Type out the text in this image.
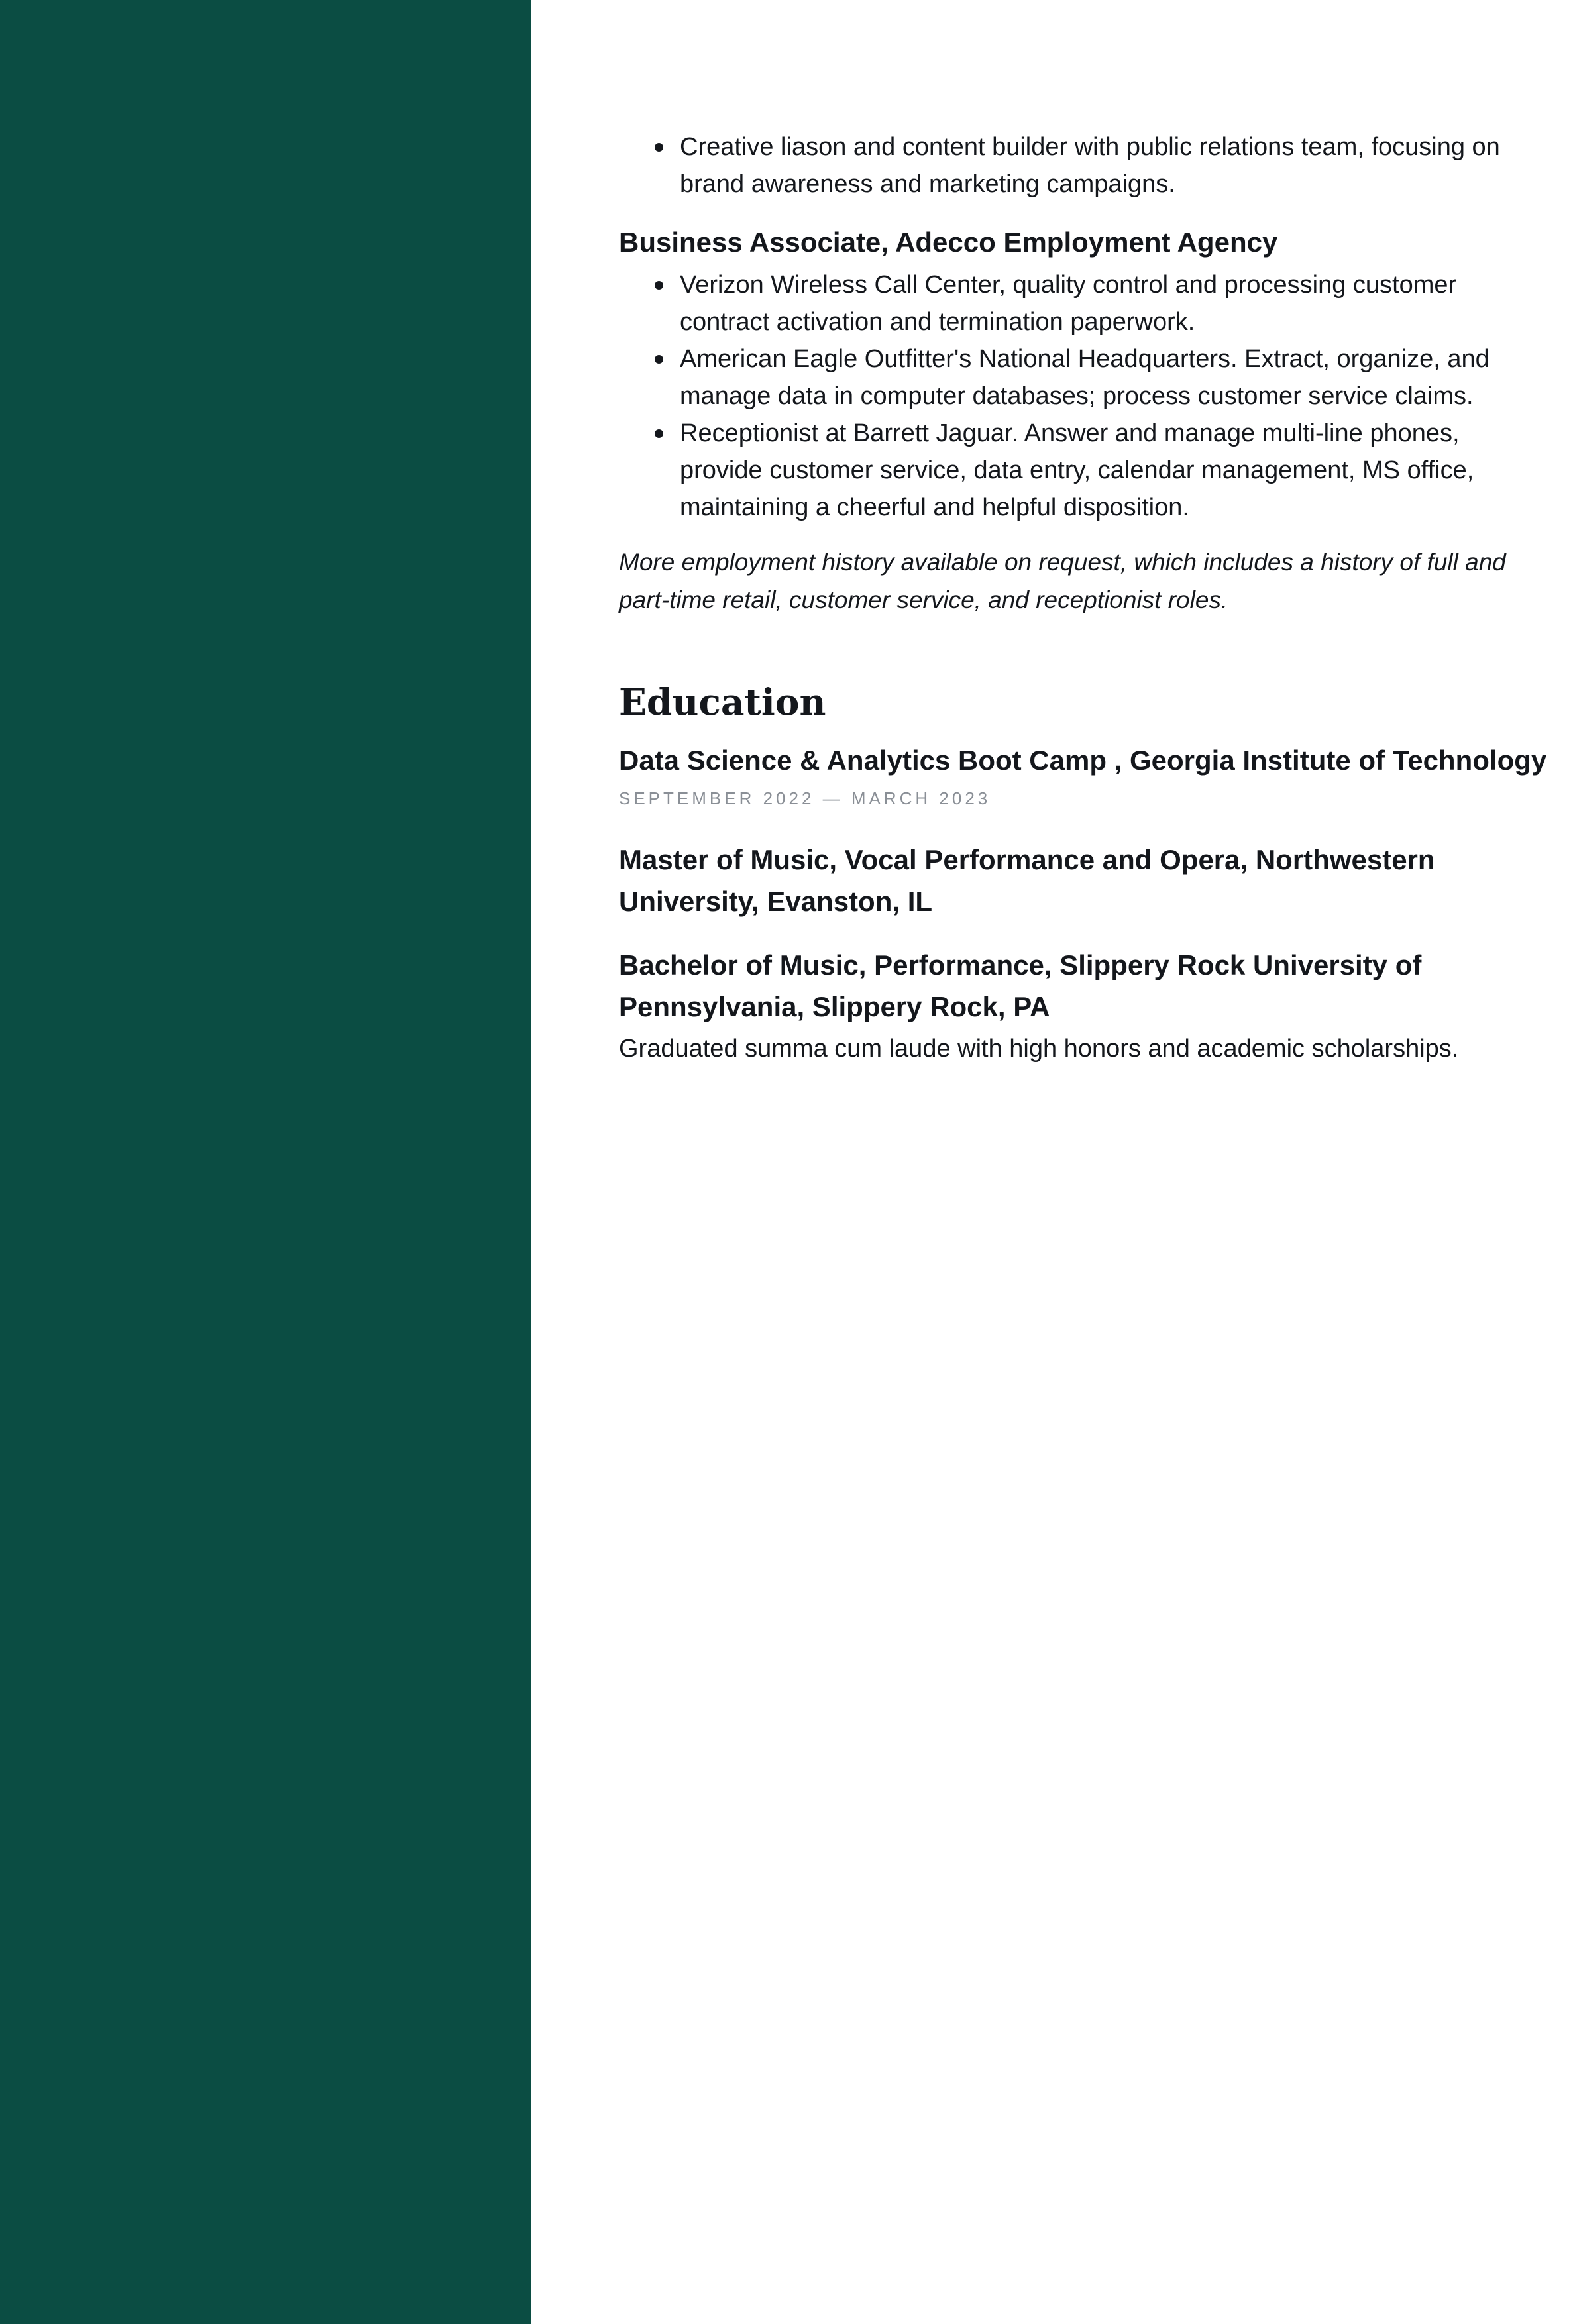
Creative liason and content builder with public relations team, focusing on brand awareness and marketing campaigns.
Business Associate, Adecco Employment Agency
Verizon Wireless Call Center, quality control and processing customer contract activation and termination paperwork.
American Eagle Outfitter's National Headquarters. Extract, organize, and manage data in computer databases; process customer service claims.
Receptionist at Barrett Jaguar. Answer and manage multi-line phones, provide customer service, data entry, calendar management, MS office, maintaining a cheerful and helpful disposition.
More employment history available on request, which includes a history of full and part-time retail, customer service, and receptionist roles.
Education
Data Science & Analytics Boot Camp , Georgia Institute of Technology
SEPTEMBER 2022 — MARCH 2023
Master of Music, Vocal Performance and Opera, Northwestern University, Evanston, IL
Bachelor of Music, Performance, Slippery Rock University of Pennsylvania, Slippery Rock, PA
Graduated summa cum laude with high honors and academic scholarships.
